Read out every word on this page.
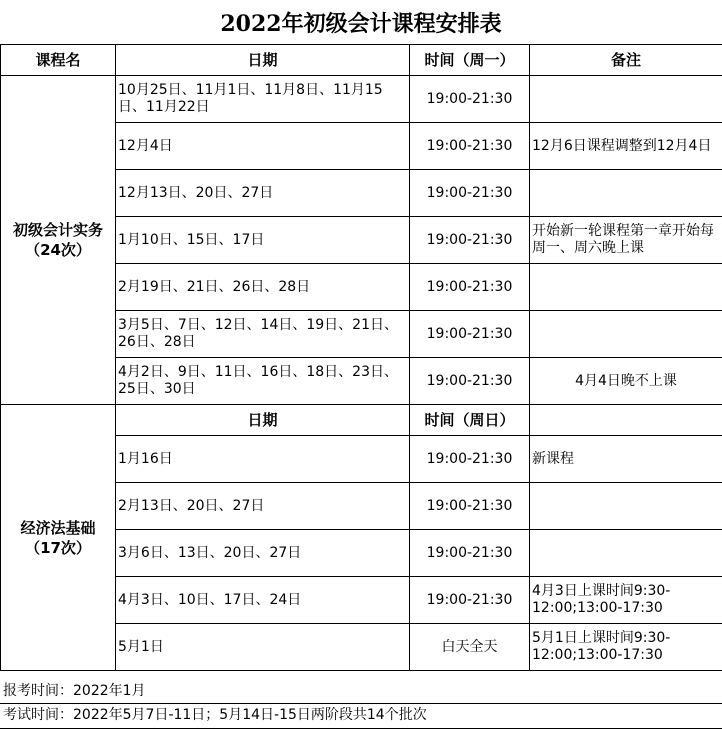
2022年初级会计课程安排表
课程名	日期	时间（周一）	备注

初级会计实务
（24次）	10月25日、11月1日、11月8日、11月15日、11月22日	19:00-21:30	
	12月4日	19:00-21:30	12月6日课程调整到12月4日
	12月13日、20日、27日	19:00-21:30	
	1月10日、15日、17日	19:00-21:30	开始新一轮课程第一章开始每周一、周六晚上课
	2月19日、21日、26日、28日	19:00-21:30	
	3月5日、7日、12日、14日、19日、21日、26日、28日	19:00-21:30	
	4月2日、9日、11日、16日、18日、23日、25日、30日	19:00-21:30	4月4日晚不上课

经济法基础
（17次）	日期	时间（周日）	
	1月16日	19:00-21:30	新课程
	2月13日、20日、27日	19:00-21:30	
	3月6日、13日、20日、27日	19:00-21:30	
	4月3日、10日、17日、24日	19:00-21:30	4月3日上课时间9:30-12:00;13:00-17:30
	5月1日	白天全天	5月1日上课时间9:30-12:00;13:00-17:30
报考时间：2022年1月
考试时间：2022年5月7日-11日；5月14日-15日两阶段共14个批次
